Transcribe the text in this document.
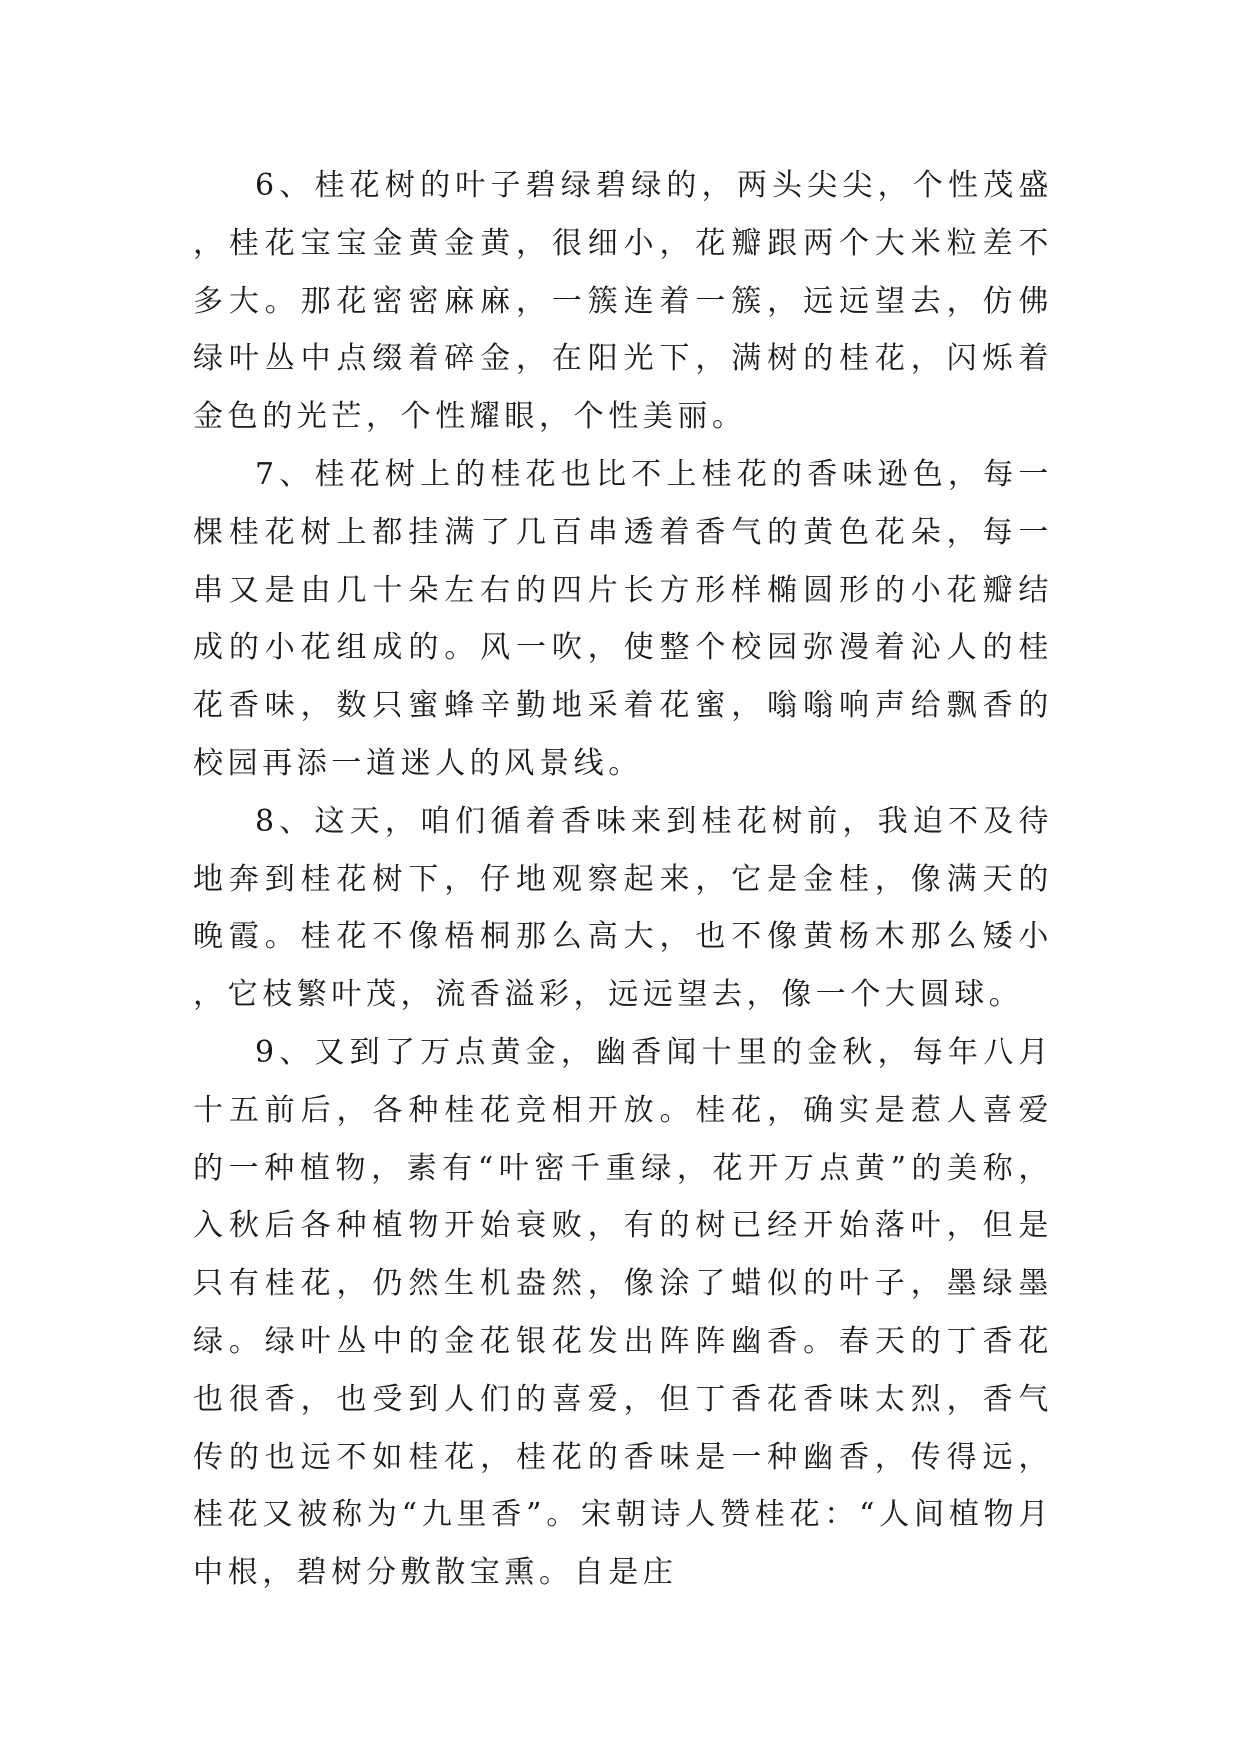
6、桂花树的叶子碧绿碧绿的，两头尖尖，个性茂盛，桂花宝宝金黄金黄，很细小，花瓣跟两个大米粒差不多大。那花密密麻麻，一簇连着一簇，远远望去，仿佛绿叶丛中点缀着碎金，在阳光下，满树的桂花，闪烁着金色的光芒，个性耀眼，个性美丽。

7、桂花树上的桂花也比不上桂花的香味逊色，每一棵桂花树上都挂满了几百串透着香气的黄色花朵，每一串又是由几十朵左右的四片长方形样椭圆形的小花瓣结成的小花组成的。风一吹，使整个校园弥漫着沁人的桂花香味，数只蜜蜂辛勤地采着花蜜，嗡嗡响声给飘香的校园再添一道迷人的风景线。

8、这天，咱们循着香味来到桂花树前，我迫不及待地奔到桂花树下，仔地观察起来，它是金桂，像满天的晚霞。桂花不像梧桐那么高大，也不像黄杨木那么矮小，它枝繁叶茂，流香溢彩，远远望去，像一个大圆球。

9、又到了万点黄金，幽香闻十里的金秋，每年八月十五前后，各种桂花竞相开放。桂花，确实是惹人喜爱的一种植物，素有“叶密千重绿，花开万点黄”的美称，入秋后各种植物开始衰败，有的树已经开始落叶，但是只有桂花，仍然生机盎然，像涂了蜡似的叶子，墨绿墨绿。绿叶丛中的金花银花发出阵阵幽香。春天的丁香花也很香，也受到人们的喜爱，但丁香花香味太烈，香气传的也远不如桂花，桂花的香味是一种幽香，传得远，桂花又被称为“九里香”。宋朝诗人赞桂花：“人间植物月中根，碧树分敷散宝熏。自是庄
